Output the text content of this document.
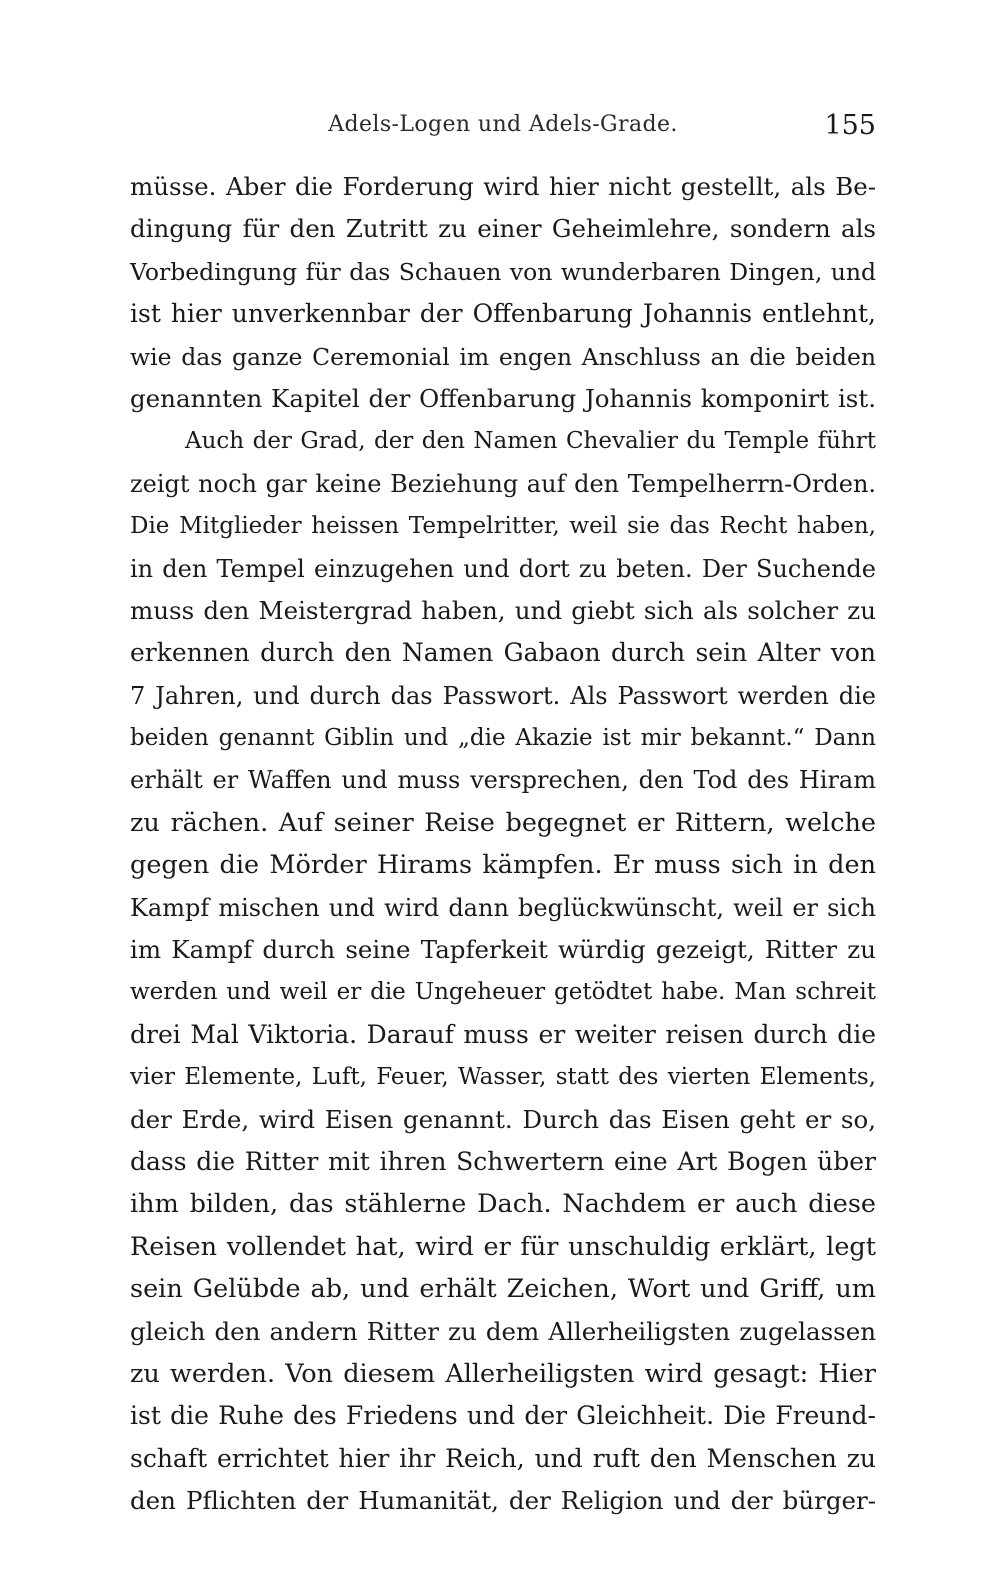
Adels-Logen und Adels-Grade.	155
müsse. Aber die Forderung wird hier nicht gestellt, als Be-
dingung für den Zutritt zu einer Geheimlehre, sondern als
Vorbedingung für das Schauen von wunderbaren Dingen, und
ist hier unverkennbar der Offenbarung Johannis entlehnt,
wie das ganze Ceremonial im engen Anschluss an die beiden
genannten Kapitel der Offenbarung Johannis komponirt ist.
Auch der Grad, der den Namen Chevalier du Temple führt
zeigt noch gar keine Beziehung auf den Tempelherrn-Orden.
Die Mitglieder heissen Tempelritter, weil sie das Recht haben,
in den Tempel einzugehen und dort zu beten. Der Suchende
muss den Meistergrad haben, und giebt sich als solcher zu
erkennen durch den Namen Gabaon durch sein Alter von
7 Jahren, und durch das Passwort. Als Passwort werden die
beiden genannt Giblin und „die Akazie ist mir bekannt.“ Dann
erhält er Waffen und muss versprechen, den Tod des Hiram
zu rächen. Auf seiner Reise begegnet er Rittern, welche
gegen die Mörder Hirams kämpfen. Er muss sich in den
Kampf mischen und wird dann beglückwünscht, weil er sich
im Kampf durch seine Tapferkeit würdig gezeigt, Ritter zu
werden und weil er die Ungeheuer getödtet habe. Man schreit
drei Mal Viktoria. Darauf muss er weiter reisen durch die
vier Elemente, Luft, Feuer, Wasser, statt des vierten Elements,
der Erde, wird Eisen genannt. Durch das Eisen geht er so,
dass die Ritter mit ihren Schwertern eine Art Bogen über
ihm bilden, das stählerne Dach. Nachdem er auch diese
Reisen vollendet hat, wird er für unschuldig erklärt, legt
sein Gelübde ab, und erhält Zeichen, Wort und Griff, um
gleich den andern Ritter zu dem Allerheiligsten zugelassen
zu werden. Von diesem Allerheiligsten wird gesagt: Hier
ist die Ruhe des Friedens und der Gleichheit. Die Freund-
schaft errichtet hier ihr Reich, und ruft den Menschen zu
den Pflichten der Humanität, der Religion und der bürger-
